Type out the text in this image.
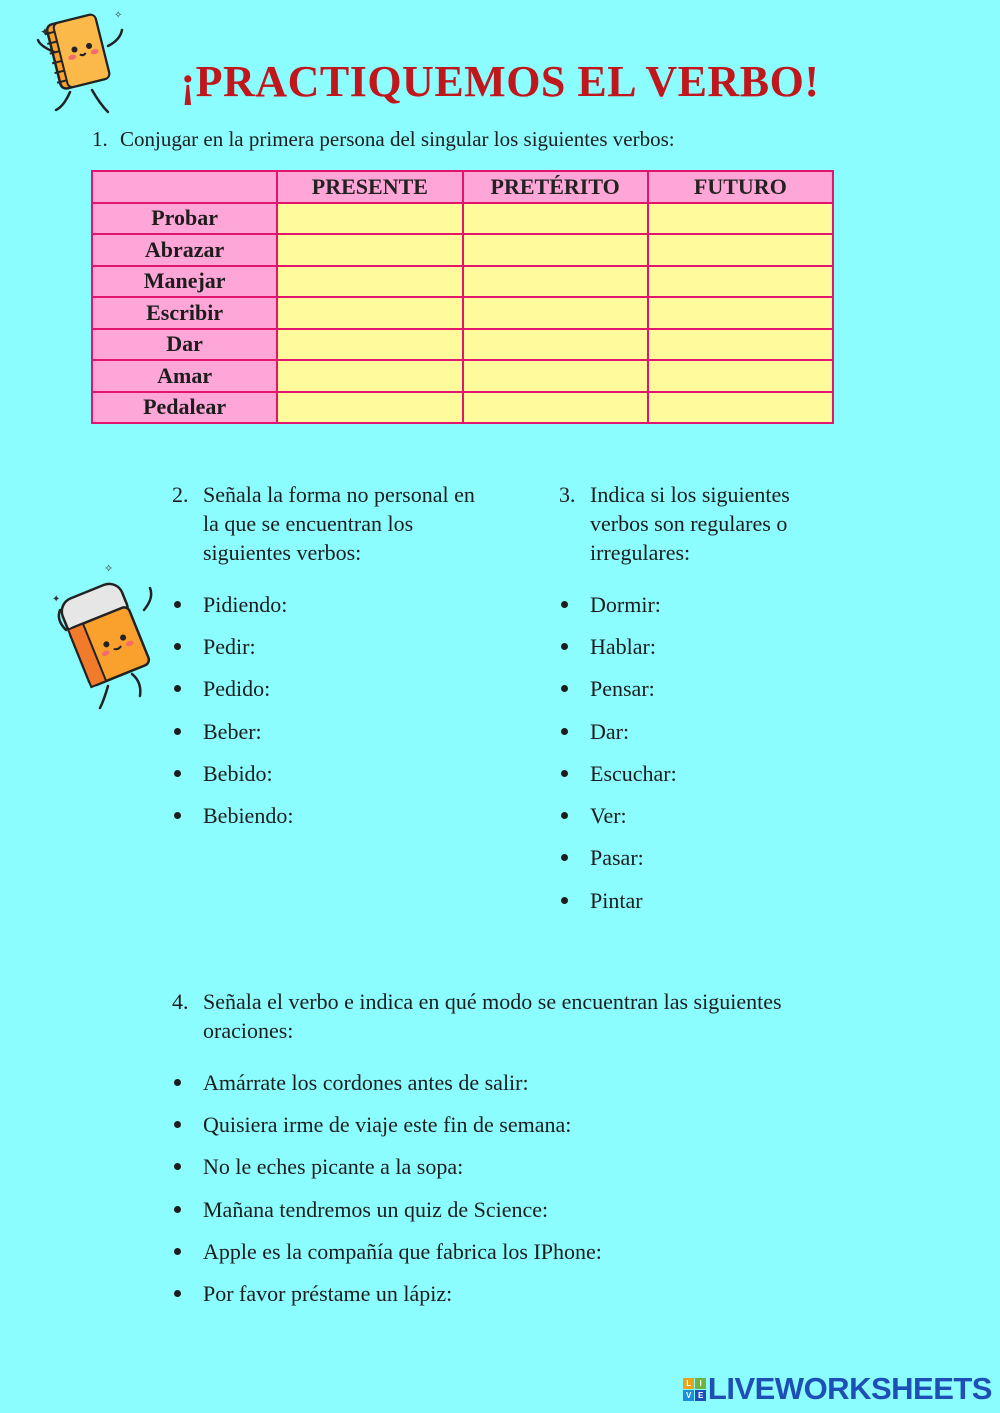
✦
✧
¡PRACTIQUEMOS EL VERBO!
1. Conjugar en la primera persona del singular los siguientes verbos:
	PRESENTE	PRETÉRITO	FUTURO
Probar			
Abrazar			
Manejar			
Escribir			
Dar			
Amar			
Pedalear			
✧
✦
2. Señala la forma no personal en la que se encuentran los siguientes verbos:
Pidiendo:
Pedir:
Pedido:
Beber:
Bebido:
Bebiendo:
3. Indica si los siguientes verbos son regulares o irregulares:
Dormir:
Hablar:
Pensar:
Dar:
Escuchar:
Ver:
Pasar:
Pintar
4. Señala el verbo e indica en qué modo se encuentran las siguientes oraciones:
Amárrate los cordones antes de salir:
Quisiera irme de viaje este fin de semana:
No le eches picante a la sopa:
Mañana tendremos un quiz de Science:
Apple es la compañía que fabrica los IPhone:
Por favor préstame un lápiz:
L	I
V E LIVEWORKSHEETS
